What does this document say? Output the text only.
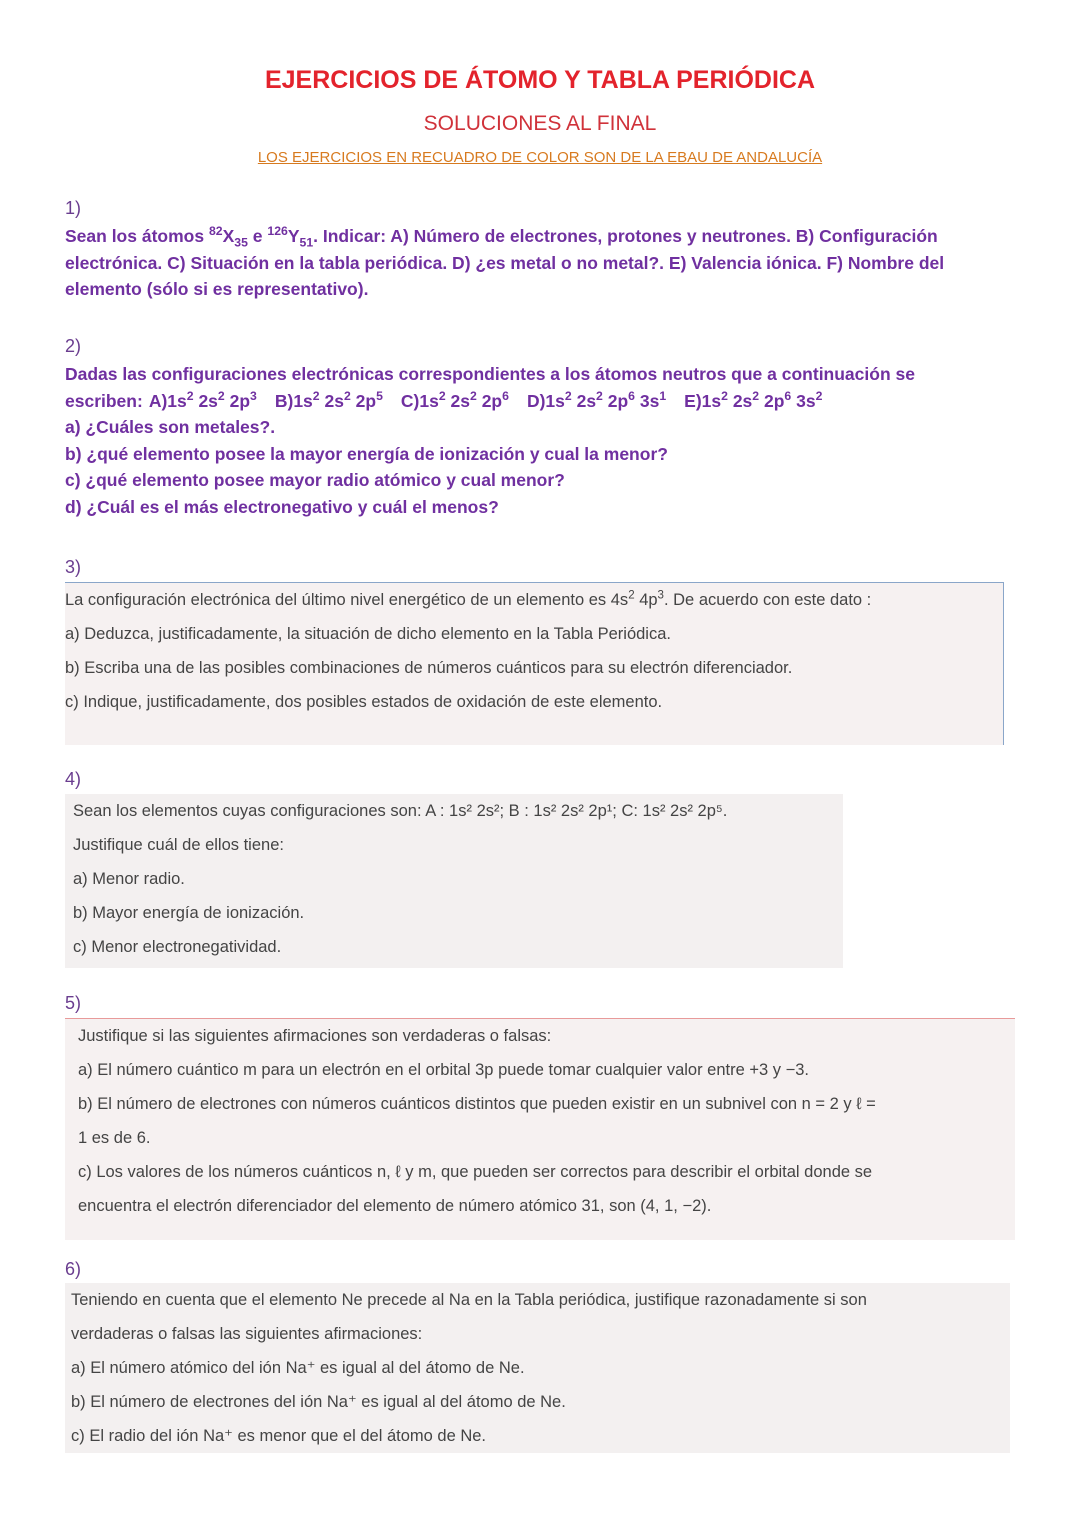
EJERCICIOS DE ÁTOMO Y TABLA PERIÓDICA
SOLUCIONES AL FINAL
LOS EJERCICIOS EN RECUADRO DE COLOR SON DE LA EBAU DE ANDALUCÍA
1)
Sean los átomos $^{82}X_{35}$ e $^{126}Y_{51}$. Indicar: A) Número de electrones, protones y neutrones. B) Configuración electrónica. C) Situación en la tabla periódica. D) ¿es metal o no metal?. E) Valencia iónica. F) Nombre del elemento (sólo si es representativo).
2)

Dadas las configuraciones electrónicas correspondientes a los átomos neutros que a continuación se

escriben: $A)1s^2$ $2s^2$ $2p^3$ $B)1s^2$ $2s^2$ $2p^5$ $C)1s^2$ $2s^2$ $2p^6$ $D)1s^2$ $2s^2$ $2p^6$ $3s^1$ $E)1s^2$ $2s^2$ $2p^6$ $3s^2$

a) ¿Cuáles son metales?.

b) ¿qué elemento posee la mayor energía de ionización y cual la menor?

c) ¿qué elemento posee mayor radio atómico y cual menor?

d) ¿Cuál es el más electronegativo y cuál el menos?

3)

La configuración electrónica del último nivel energético de un elemento es $4s^2$ $4p^3$. De acuerdo con este dato :

a) Deduzca, justificadamente, la situación de dicho elemento en la Tabla Periódica.

b) Escriba una de las posibles combinaciones de números cuánticos para su electrón diferenciador.

c) Indique, justificadamente, dos posibles estados de oxidación de este elemento.

4)

Sean los elementos cuyas configuraciones son: A : 1s² 2s²; B : 1s² 2s² 2p¹; C: 1s² 2s² 2p⁵.

Justifique cuál de ellos tiene:

a) Menor radio.

b) Mayor energía de ionización.

c) Menor electronegatividad.

5)

Justifique si las siguientes afirmaciones son verdaderas o falsas:

a) El número cuántico m para un electrón en el orbital 3p puede tomar cualquier valor entre +3 y −3.

b) El número de electrones con números cuánticos distintos que pueden existir en un subnivel con n = 2 y ℓ =

1 es de 6.

c) Los valores de los números cuánticos n, ℓ y m, que pueden ser correctos para describir el orbital donde se

encuentra el electrón diferenciador del elemento de número atómico 31, son (4, 1, −2).

6)

Teniendo en cuenta que el elemento Ne precede al Na en la Tabla periódica, justifique razonadamente si son

verdaderas o falsas las siguientes afirmaciones:

a) El número atómico del ión Na⁺ es igual al del átomo de Ne.

b) El número de electrones del ión Na⁺ es igual al del átomo de Ne.

c) El radio del ión Na⁺ es menor que el del átomo de Ne.
